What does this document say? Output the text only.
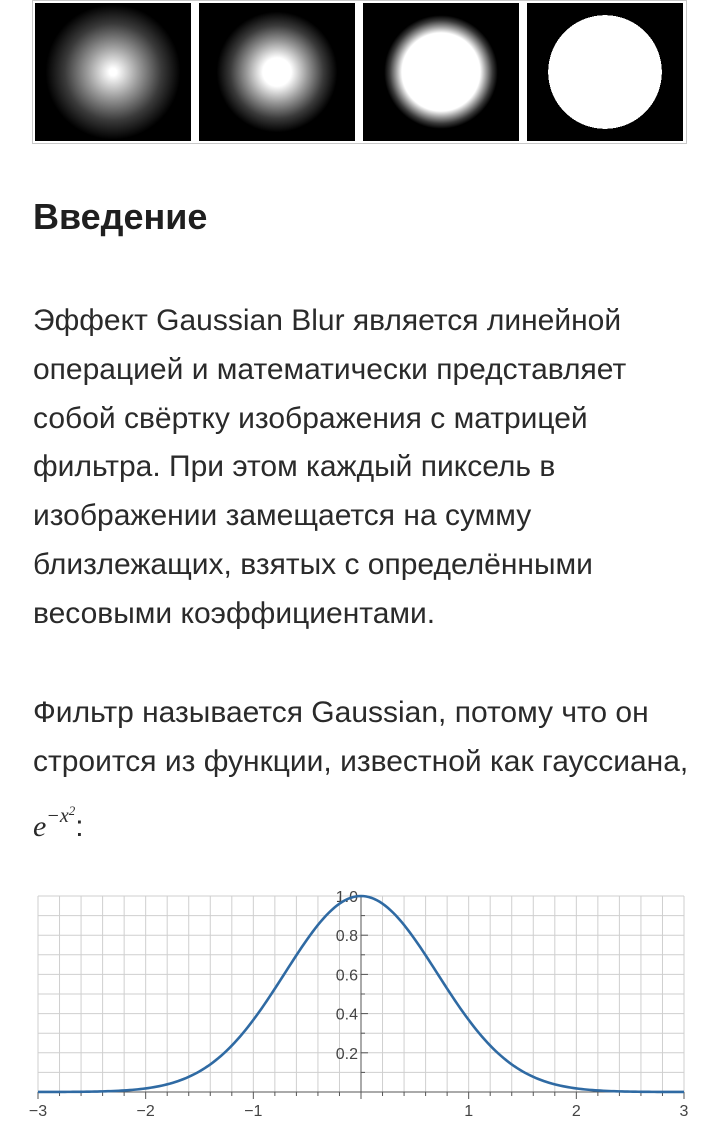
Введение

Эффект Gaussian Blur является линейной операцией и математически представляет собой свёртку изображения с матрицей фильтра. При этом каждый пиксель в изображении замещается на сумму близлежащих, взятых с определёнными весовыми коэффициентами.

Фильтр называется Gaussian, потому что он строится из функции, известной как гауссиана, $e^{-x^2}$:

−3	−2	−1	1	2	3
0.2
0.4
0.6
0.8
1.0
